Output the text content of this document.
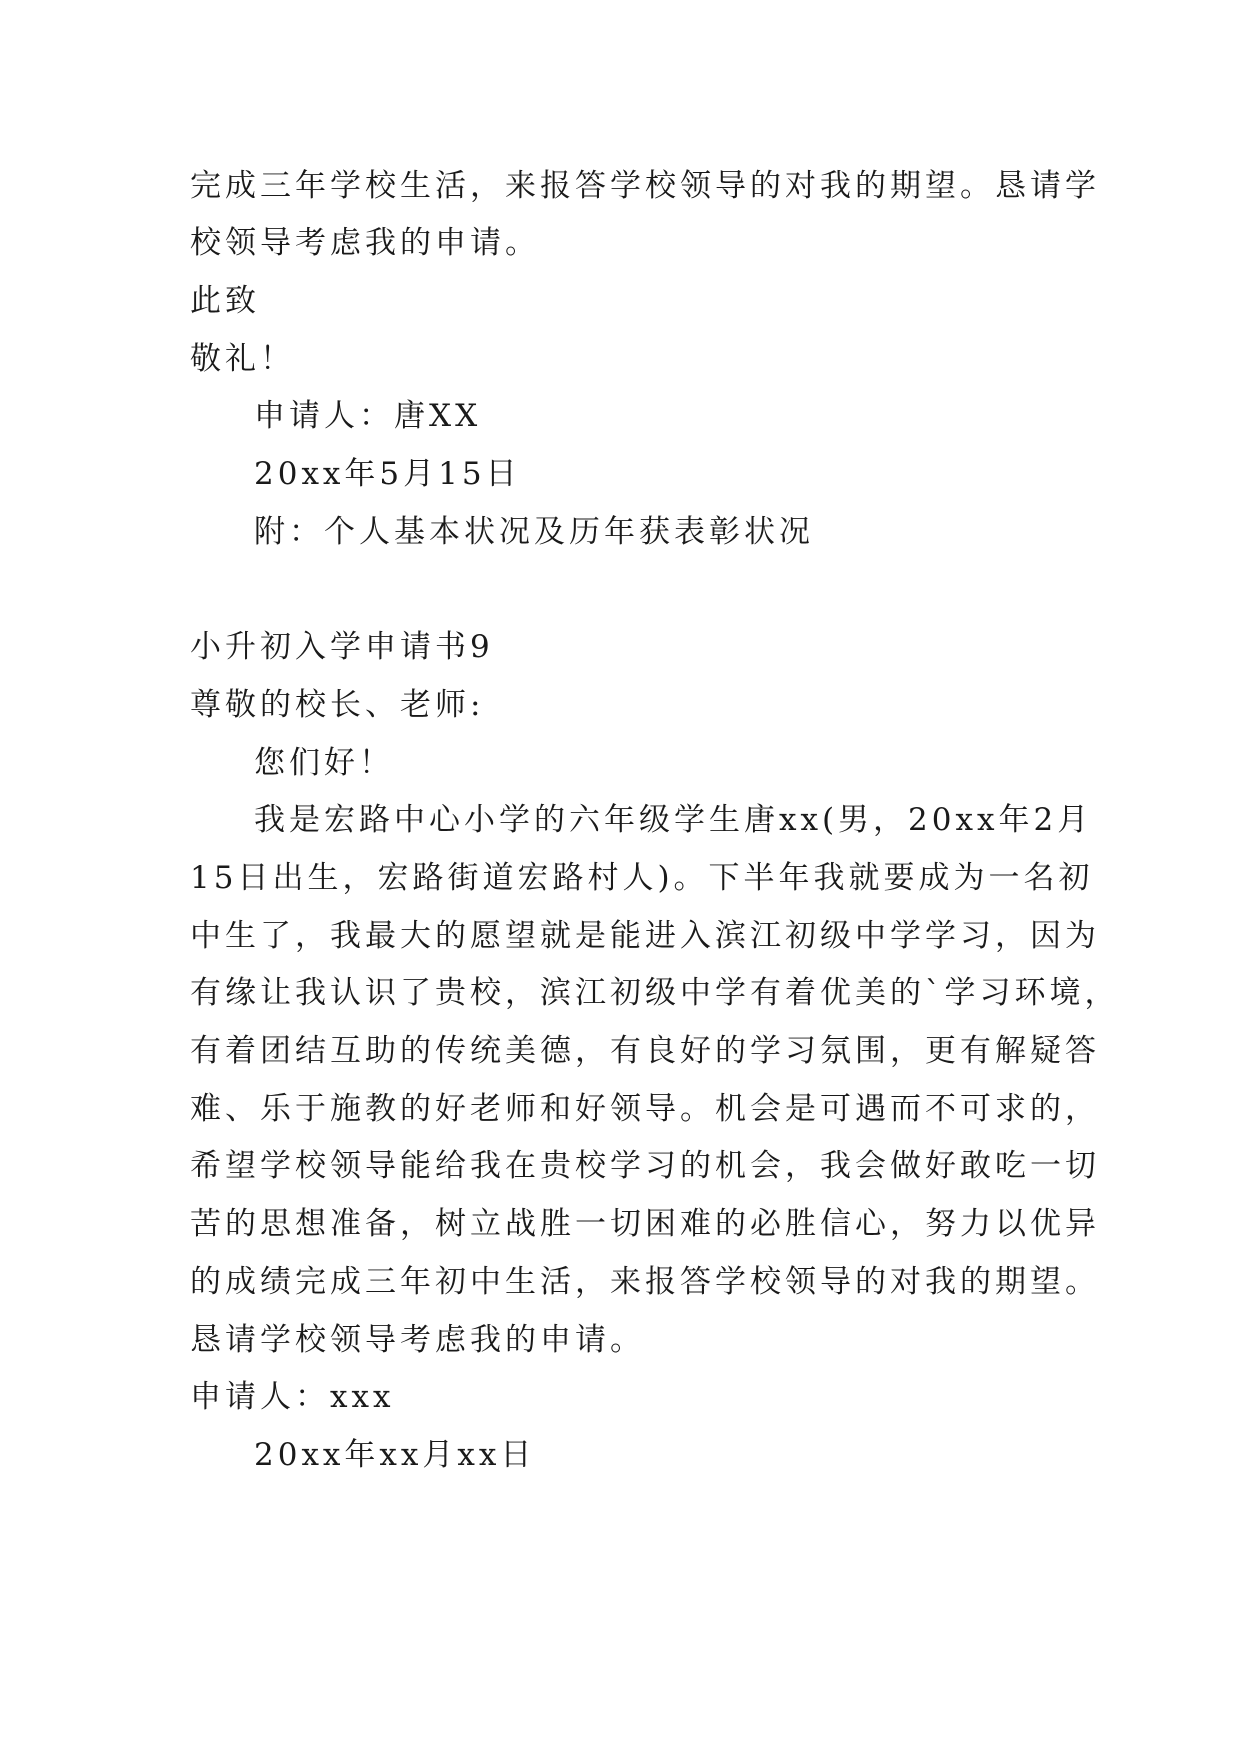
完成三年学校生活，来报答学校领导的对我的期望。恳请学
校领导考虑我的申请。
此致
敬礼！
申请人：唐XX
20xx年5月15日
附：个人基本状况及历年获表彰状况
小升初入学申请书9
尊敬的校长、老师:
您们好！
我是宏路中心小学的六年级学生唐xx(男，20xx年2月
15日出生，宏路街道宏路村人)。下半年我就要成为一名初
中生了，我最大的愿望就是能进入滨江初级中学学习，因为
有缘让我认识了贵校，滨江初级中学有着优美的`学习环境，
有着团结互助的传统美德，有良好的学习氛围，更有解疑答
难、乐于施教的好老师和好领导。机会是可遇而不可求的，
希望学校领导能给我在贵校学习的机会，我会做好敢吃一切
苦的思想准备，树立战胜一切困难的必胜信心，努力以优异
的成绩完成三年初中生活，来报答学校领导的对我的期望。
恳请学校领导考虑我的申请。
申请人：xxx
20xx年xx月xx日
